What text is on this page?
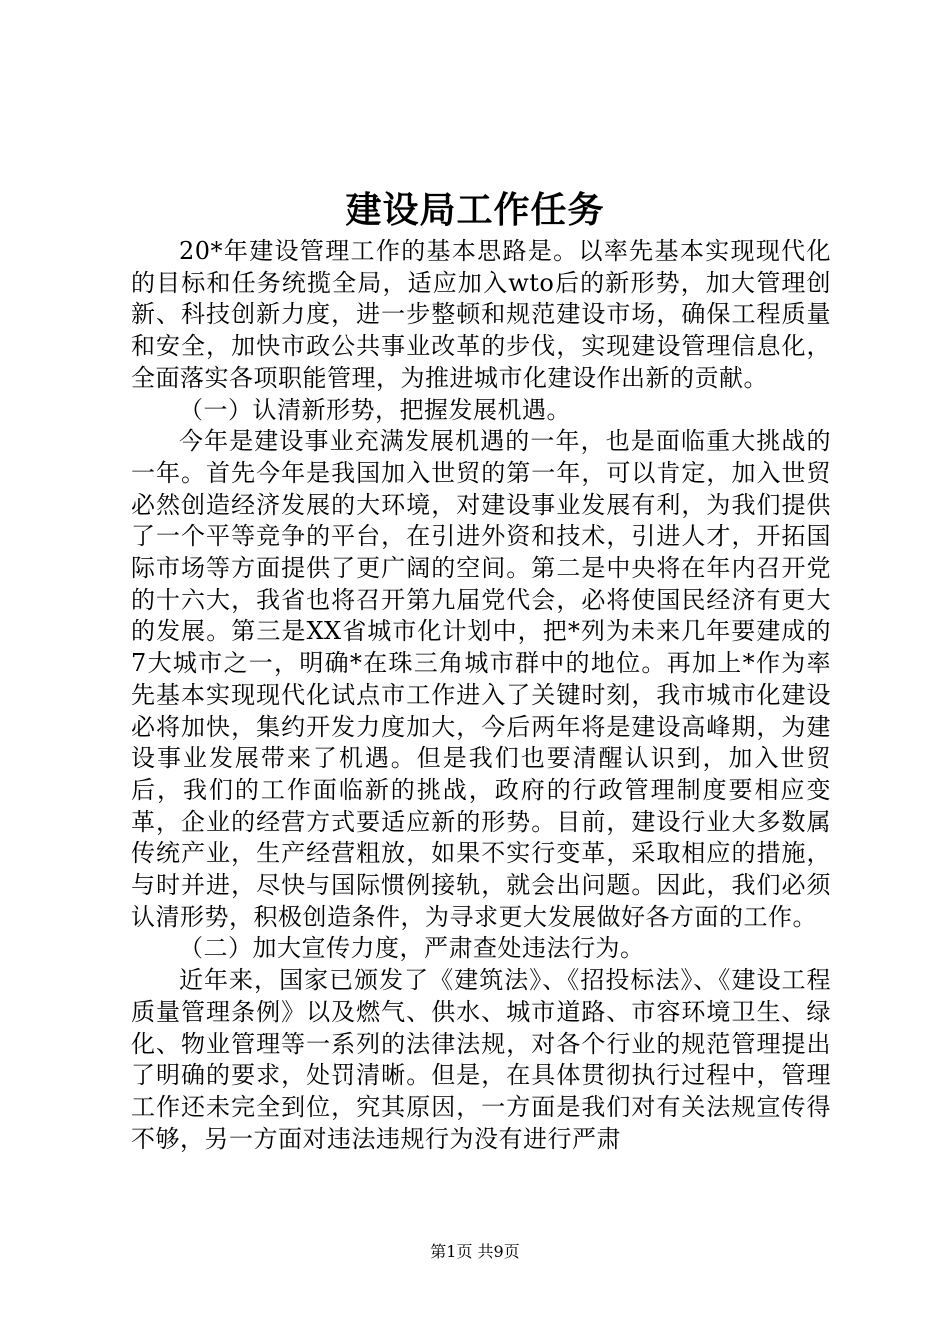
建设局工作任务

20*年建设管理工作的基本思路是。以率先基本实现现代化的目标和任务统揽全局，适应加入wto后的新形势，加大管理创新、科技创新力度，进一步整顿和规范建设市场，确保工程质量和安全，加快市政公共事业改革的步伐，实现建设管理信息化，全面落实各项职能管理，为推进城市化建设作出新的贡献。

（一）认清新形势，把握发展机遇。

今年是建设事业充满发展机遇的一年，也是面临重大挑战的一年。首先今年是我国加入世贸的第一年，可以肯定，加入世贸必然创造经济发展的大环境，对建设事业发展有利，为我们提供了一个平等竞争的平台，在引进外资和技术，引进人才，开拓国际市场等方面提供了更广阔的空间。第二是中央将在年内召开党的十六大，我省也将召开第九届党代会，必将使国民经济有更大的发展。第三是XX省城市化计划中，把*列为未来几年要建成的7大城市之一，明确*在珠三角城市群中的地位。再加上*作为率先基本实现现代化试点市工作进入了关键时刻，我市城市化建设必将加快，集约开发力度加大，今后两年将是建设高峰期，为建设事业发展带来了机遇。但是我们也要清醒认识到，加入世贸后，我们的工作面临新的挑战，政府的行政管理制度要相应变革，企业的经营方式要适应新的形势。目前，建设行业大多数属传统产业，生产经营粗放，如果不实行变革，采取相应的措施，与时并进，尽快与国际惯例接轨，就会出问题。因此，我们必须认清形势，积极创造条件，为寻求更大发展做好各方面的工作。

（二）加大宣传力度，严肃查处违法行为。

近年来，国家已颁发了《建筑法》、《招投标法》、《建设工程质量管理条例》以及燃气、供水、城市道路、市容环境卫生、绿化、物业管理等一系列的法律法规，对各个行业的规范管理提出了明确的要求，处罚清晰。但是，在具体贯彻执行过程中，管理工作还未完全到位，究其原因，一方面是我们对有关法规宣传得不够，另一方面对违法违规行为没有进行严肃

第1页 共9页
